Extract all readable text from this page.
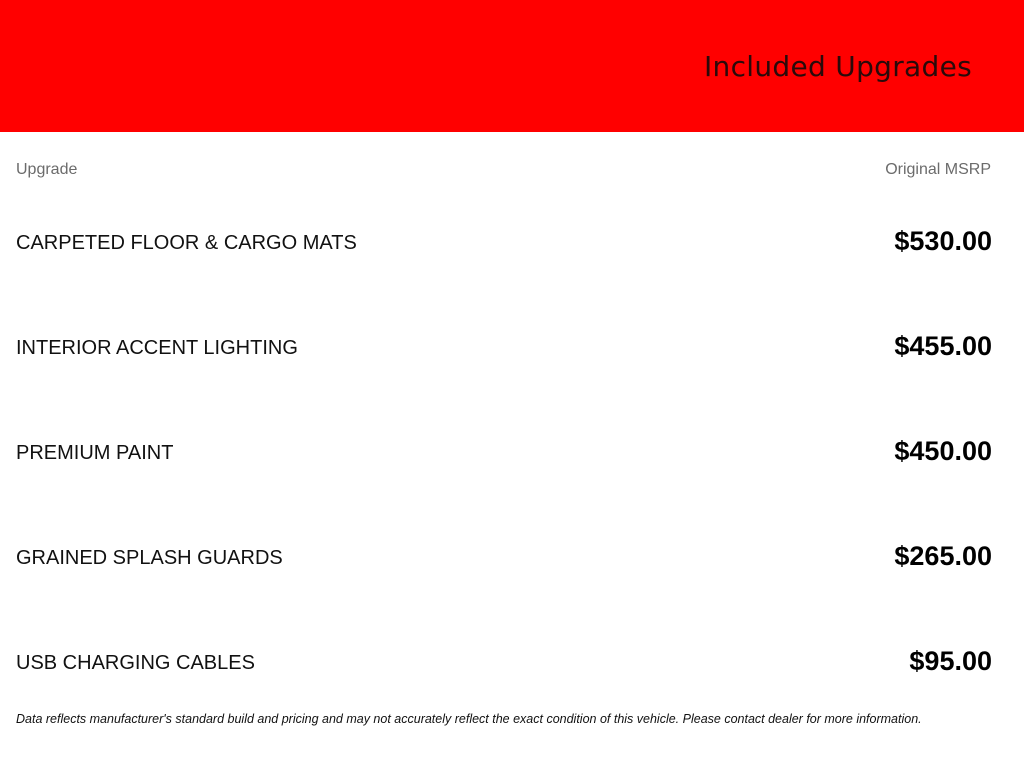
Included Upgrades
Upgrade	Original MSRP
CARPETED FLOOR & CARGO MATS	$530.00
INTERIOR ACCENT LIGHTING	$455.00
PREMIUM PAINT	$450.00
GRAINED SPLASH GUARDS	$265.00
USB CHARGING CABLES	$95.00
Data reflects manufacturer's standard build and pricing and may not accurately reflect the exact condition of this vehicle. Please contact dealer for more information.
